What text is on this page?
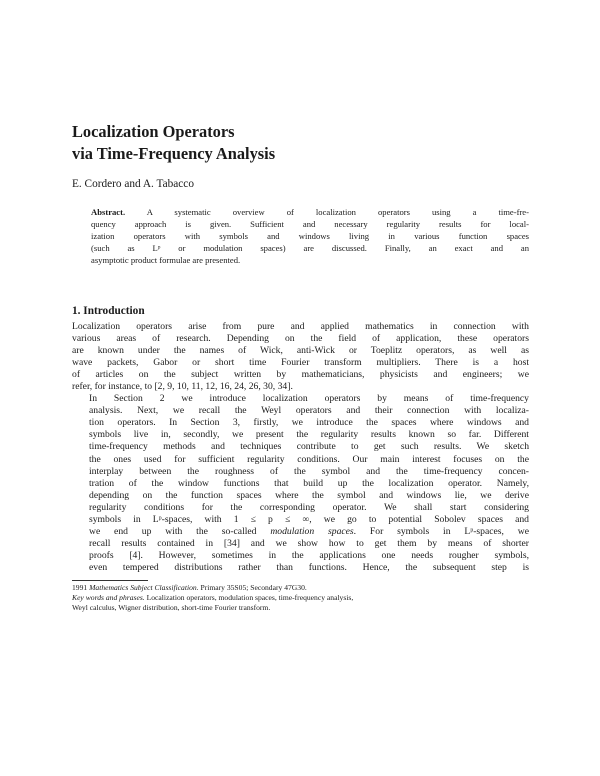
Localization Operators
via Time-Frequency Analysis
E. Cordero and A. Tabacco
Abstract.	A systematic overview of localization operators using a time-fre-
quency approach is given. Sufficient and necessary regularity results for local-
ization operators with symbols and windows living in various function spaces
(such as Lᵖ or modulation spaces) are discussed. Finally, an exact and an
asymptotic product formulae are presented.
1. Introduction

Localization operators arise from pure and applied mathematics in connection with
various areas of research. Depending on the field of application, these operators
are known under the names of Wick, anti-Wick or Toeplitz operators, as well as
wave packets, Gabor or short time Fourier transform multipliers. There is a host
of articles on the subject written by mathematicians, physicists and engineers; we
refer, for instance, to [2, 9, 10, 11, 12, 16, 24, 26, 30, 34].

In Section 2 we introduce localization operators by means of time-frequency
analysis. Next, we recall the Weyl operators and their connection with localiza-
tion operators. In Section 3, firstly, we introduce the spaces where windows and
symbols live in, secondly, we present the regularity results known so far. Different
time-frequency methods and techniques contribute to get such results. We sketch
the ones used for sufficient regularity conditions. Our main interest focuses on the
interplay between the roughness of the symbol and the time-frequency concen-
tration of the window functions that build up the localization operator. Namely,
depending on the function spaces where the symbol and windows lie, we derive
regularity conditions for the corresponding operator. We shall start considering
symbols in Lᵖ-spaces, with 1 ≤ p ≤ ∞, we go to potential Sobolev spaces and
we end up with the so-called modulation spaces. For symbols in Lᵖ-spaces, we
recall results contained in [34] and we show how to get them by means of shorter
proofs [4]. However, sometimes in the applications one needs rougher symbols,
even tempered distributions rather than functions. Hence, the subsequent step is

1991 Mathematics Subject Classification. Primary 35S05; Secondary 47G30.
Key words and phrases. Localization operators, modulation spaces, time-frequency analysis,
Weyl calculus, Wigner distribution, short-time Fourier transform.
